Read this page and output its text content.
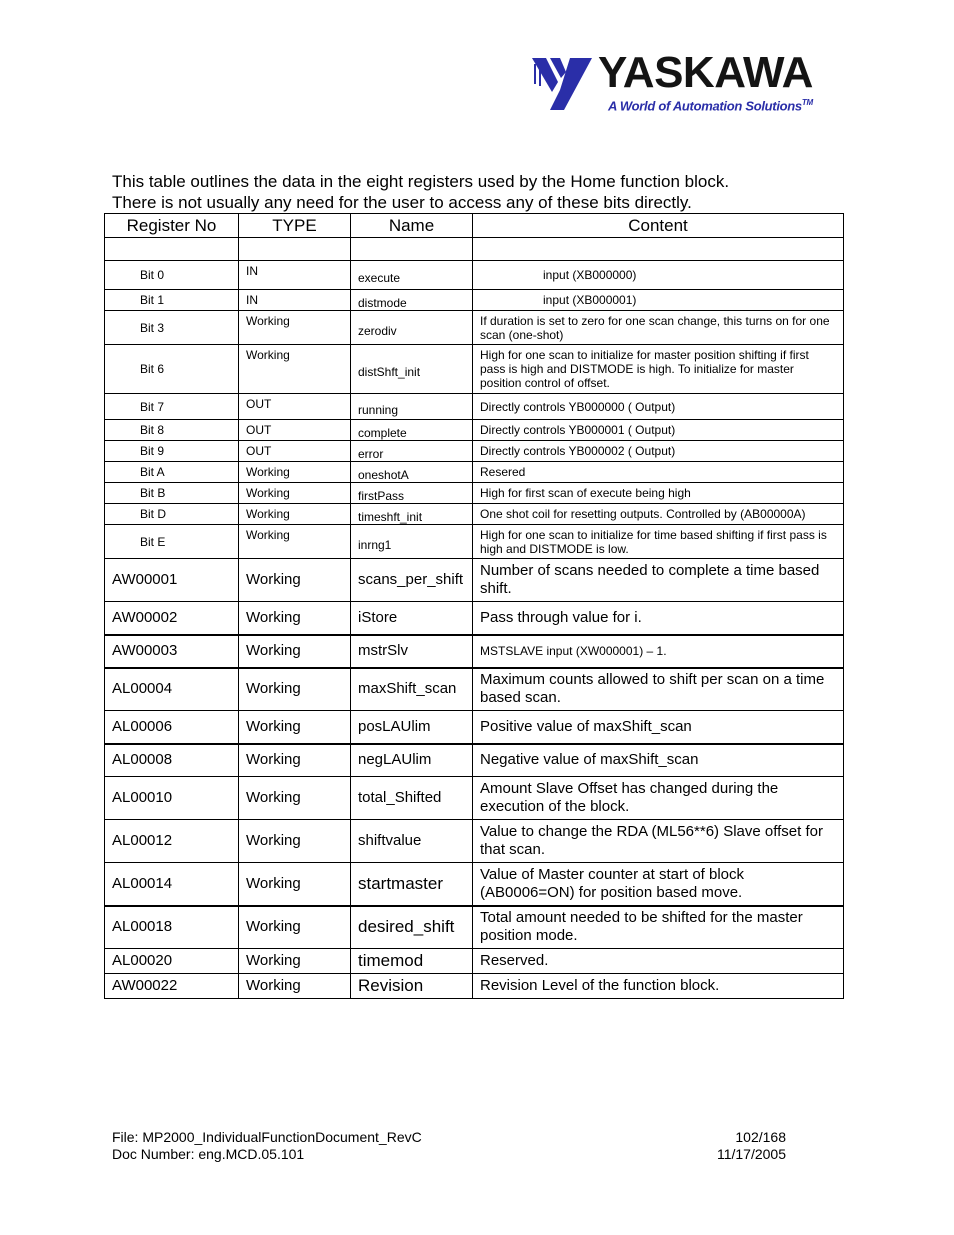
YASKAWA
A World of Automation Solutions™

This table outlines the data in the eight registers used by the Home function block.

There is not usually any need for the user to access any of these bits directly.

Register No	TYPE	Name	Content

Bit 0	IN	execute	input (XB000000)
Bit 1	IN	distmode	input (XB000001)
Bit 3	Working	zerodiv	If duration is set to zero for one scan change, this turns on for one scan (one-shot)
Bit 6	Working	distShft_init	High for one scan to initialize for master position shifting if first pass is high and DISTMODE is high. To initialize for master position control of offset.
Bit 7	OUT	running	Directly controls YB000000 ( Output)
Bit 8	OUT	complete	Directly controls YB000001 ( Output)
Bit 9	OUT	error	Directly controls YB000002 ( Output)
Bit A	Working	oneshotA	Resered
Bit B	Working	firstPass	High for first scan of execute being high
Bit D	Working	timeshft_init	One shot coil for resetting outputs. Controlled by (AB00000A)
Bit E	Working	inrng1	High for one scan to initialize for time based shifting if first pass is high and DISTMODE is low.
AW00001	Working	scans_per_shift	Number of scans needed to complete a time based shift.
AW00002	Working	iStore	Pass through value for i.
AW00003	Working	mstrSlv	MSTSLAVE input (XW000001) – 1.
AL00004	Working	maxShift_scan	Maximum counts allowed to shift per scan on a time based scan.
AL00006	Working	posLAUlim	Positive value of maxShift_scan
AL00008	Working	negLAUlim	Negative value of maxShift_scan
AL00010	Working	total_Shifted	Amount Slave Offset has changed during the execution of the block.
AL00012	Working	shiftvalue	Value to change the RDA (ML56**6) Slave offset for that scan.
AL00014	Working	startmaster	Value of Master counter at start of block (AB0006=ON) for position based move.
AL00018	Working	desired_shift	Total amount needed to be shifted for the master position mode.
AL00020	Working	timemod	Reserved.
AW00022	Working	Revision	Revision Level of the function block.
File: MP2000_IndividualFunctionDocument_RevC
Doc Number: eng.MCD.05.101
102/168
11/17/2005
